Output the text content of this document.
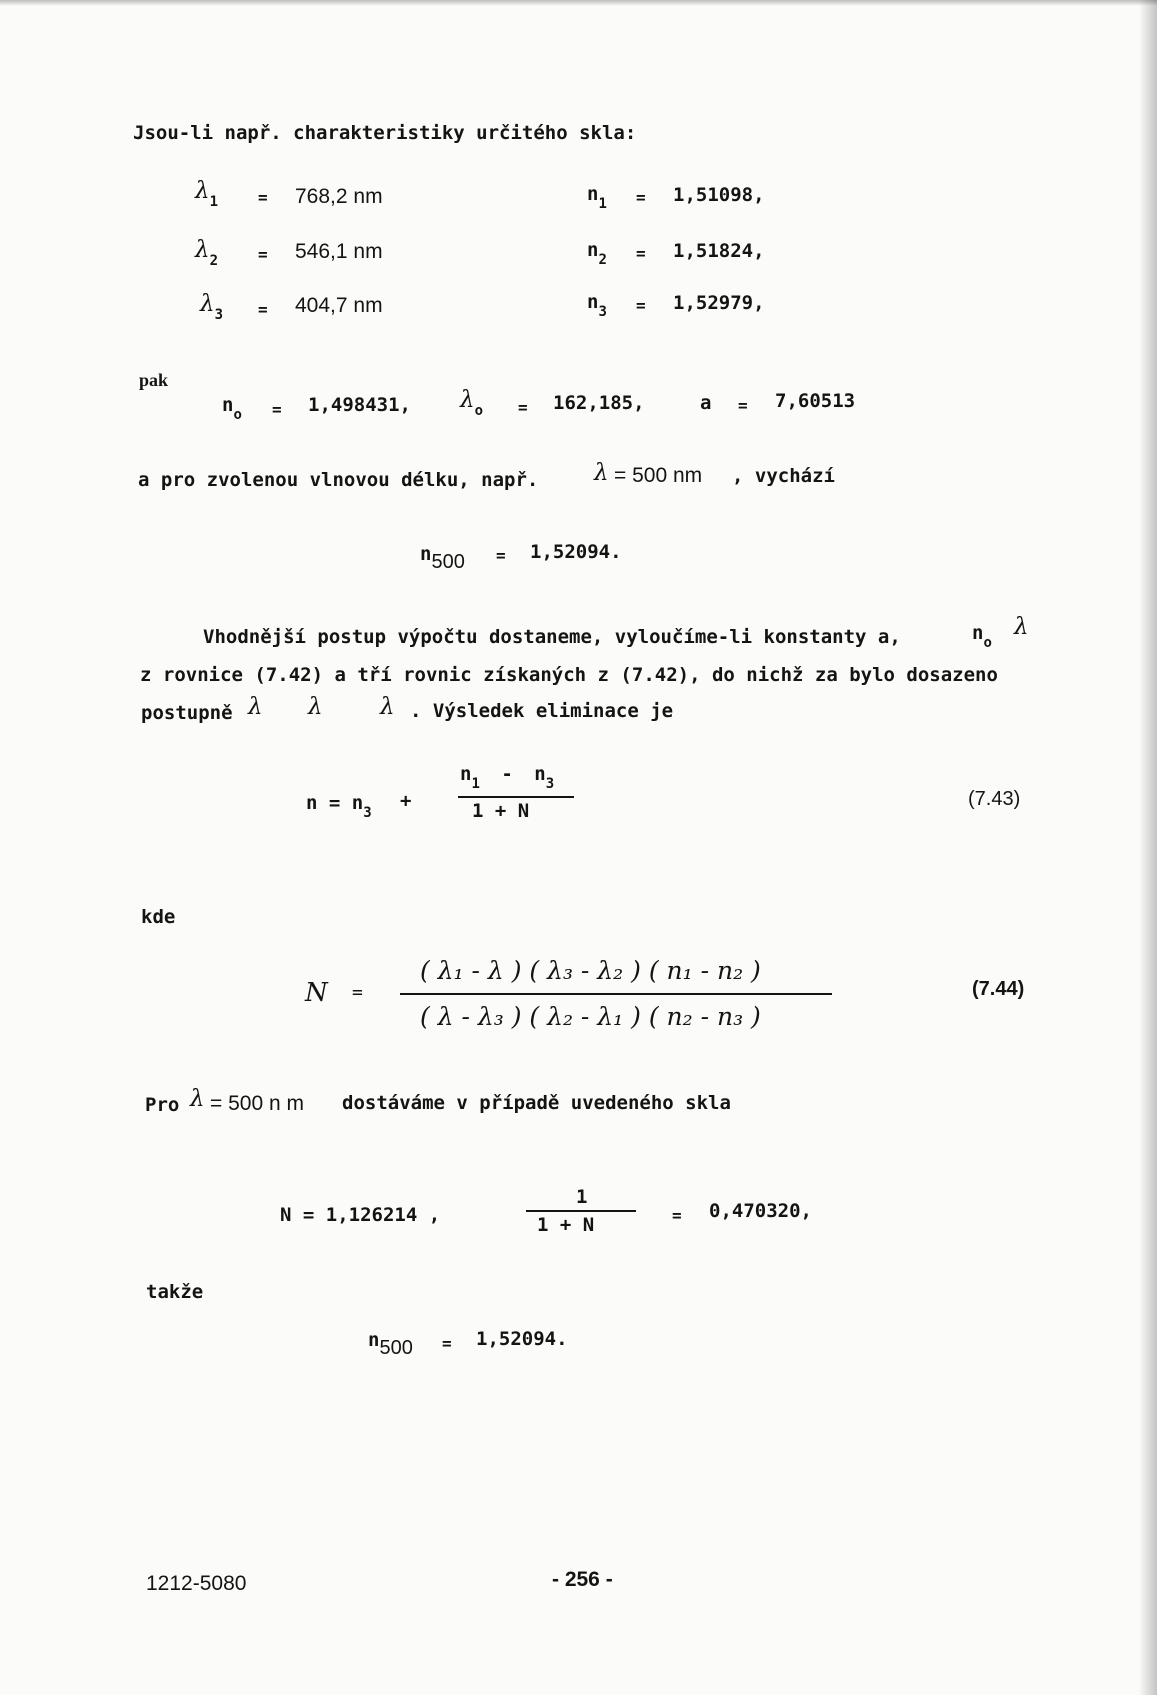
Jsou-li např. charakteristiky určitého skla:
λ1 = 768,2 nm	$n_1 = 1,51098$,
λ2 = 546,1 nm	$n_2 = 1,51824$,
λ3 = 404,7 nm	$n_3 = 1,52979$,
pak
$n_o = 1,498431$, λo = 162,185,	a = 7,60513
a pro zvolenou vlnovou délku, např. λ = 500 nm , vychází
n500 = 1,52094.
Vhodnější postup výpočtu dostaneme, vyloučíme-li konstanty a,	$n_o$
λ
z rovnice (7.42) a tří rovnic získaných z (7.42), do nichž za bylo dosazeno
postupně λ λ λ . Výsledek eliminace je
$n = n_3$
+
$n_1 - n_3$
1 + N
(7.43)
kde
N =
( λ₁ - λ ) ( λ₃ - λ₂ ) ( n₁ - n₂ )
( λ - λ₃ ) ( λ₂ - λ₁ ) ( n₂ - n₃ )
(7.44)
Pro λ = 500 n m dostáváme v případě uvedeného skla
N = 1,126214 ,
1
1 + N	= 0,470320,
takže
n500 = 1,52094.
1212-5080	- 256 -
